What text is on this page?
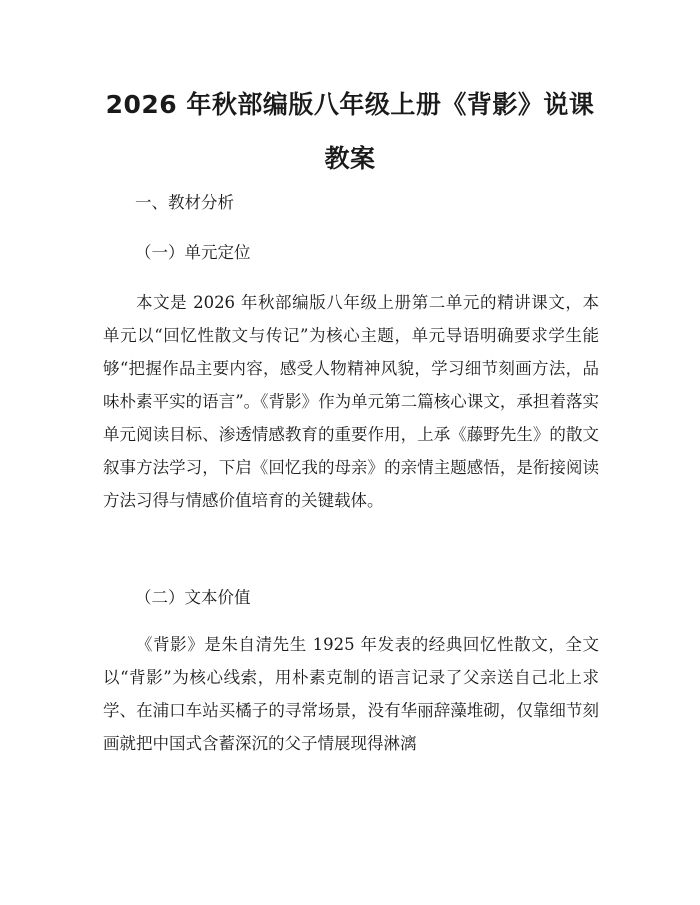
2026 年秋部编版八年级上册《背影》说课教案

一、教材分析

（一）单元定位

本文是 2026 年秋部编版八年级上册第二单元的精讲课文，本单元以“回忆性散文与传记”为核心主题，单元导语明确要求学生能够“把握作品主要内容，感受人物精神风貌，学习细节刻画方法，品味朴素平实的语言”。《背影》作为单元第二篇核心课文，承担着落实单元阅读目标、渗透情感教育的重要作用，上承《藤野先生》的散文叙事方法学习，下启《回忆我的母亲》的亲情主题感悟，是衔接阅读方法习得与情感价值培育的关键载体。

（二）文本价值

《背影》是朱自清先生 1925 年发表的经典回忆性散文，全文以“背影”为核心线索，用朴素克制的语言记录了父亲送自己北上求学、在浦口车站买橘子的寻常场景，没有华丽辞藻堆砌，仅靠细节刻画就把中国式含蓄深沉的父子情展现得淋漓
